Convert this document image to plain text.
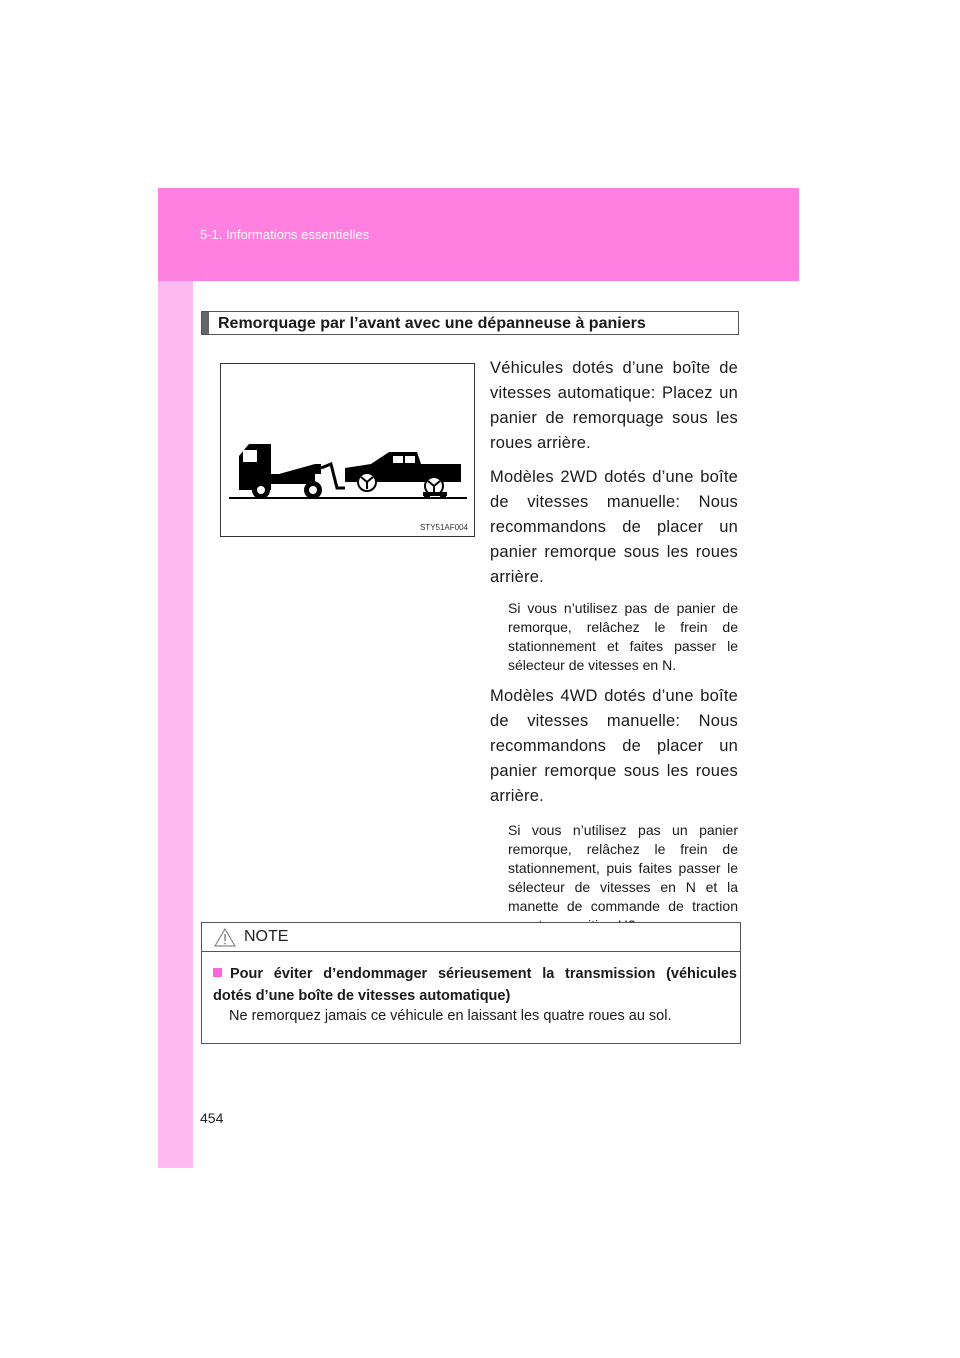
5-1. Informations essentielles
Remorquage par l’avant avec une dépanneuse à paniers
STY51AF004

Véhicules dotés d’une boîte de vitesses automatique: Placez un panier de remorquage sous les roues arrière.

Modèles 2WD dotés d’une boîte de vitesses manuelle: Nous recommandons de placer un panier remorque sous les roues arrière.

Si vous n’utilisez pas de panier de remorque, relâchez le frein de stationnement et faites passer le sélecteur de vitesses en N.

Modèles 4WD dotés d’une boîte de vitesses manuelle: Nous recommandons de placer un panier remorque sous les roues arrière.

Si vous n’utilisez pas un panier remorque, relâchez le frein de stationnement, puis faites passer le sélecteur de vitesses en N et la manette de commande de traction

NOTE
Pour éviter d’endommager sérieusement la transmission (véhicules dotés d’une boîte de vitesses automatique)
Ne remorquez jamais ce véhicule en laissant les quatre roues au sol.
454
